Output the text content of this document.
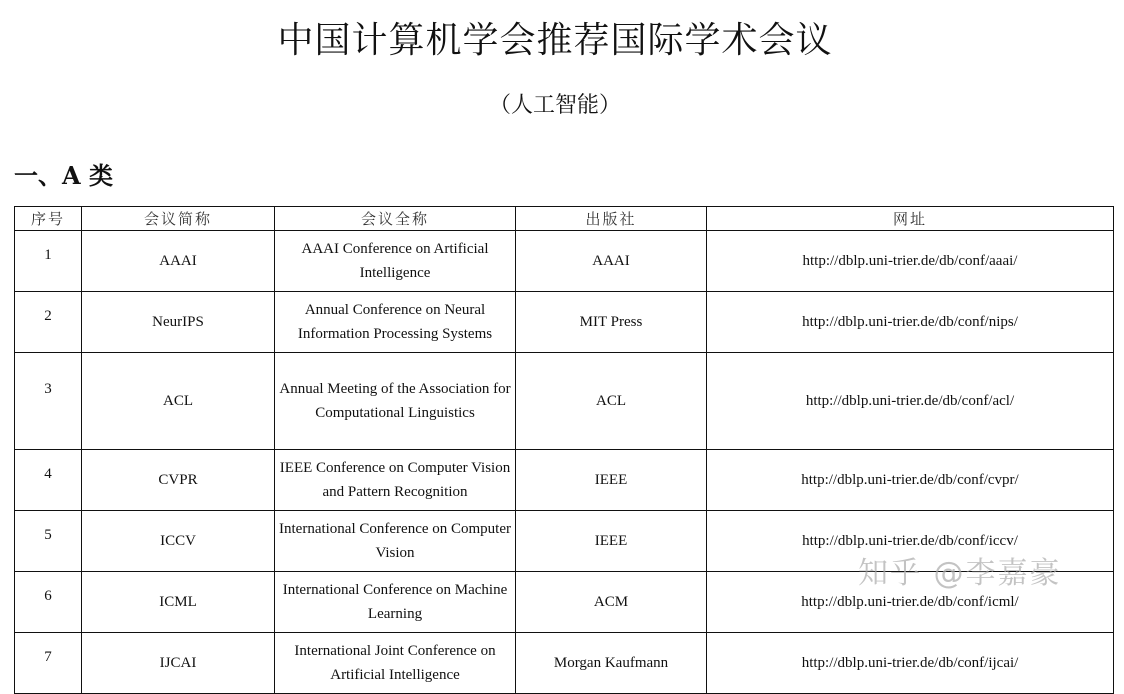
中国计算机学会推荐国际学术会议
（人工智能）
一、A 类
序号	会议简称	会议全称	出版社	网址
1	AAAI	AAAI Conference on Artificial Intelligence	AAAI	http://dblp.uni-trier.de/db/conf/aaai/
2	NeurIPS	Annual Conference on Neural Information Processing Systems	MIT Press	http://dblp.uni-trier.de/db/conf/nips/
3	ACL	Annual Meeting of the Association for Computational Linguistics	ACL	http://dblp.uni-trier.de/db/conf/acl/
4	CVPR	IEEE Conference on Computer Vision and Pattern Recognition	IEEE	http://dblp.uni-trier.de/db/conf/cvpr/
5	ICCV	International Conference on Computer Vision	IEEE	http://dblp.uni-trier.de/db/conf/iccv/
6	ICML	International Conference on Machine Learning	ACM	http://dblp.uni-trier.de/db/conf/icml/
7	IJCAI	International Joint Conference on Artificial Intelligence	Morgan Kaufmann	http://dblp.uni-trier.de/db/conf/ijcai/
知乎 @李嘉豪
